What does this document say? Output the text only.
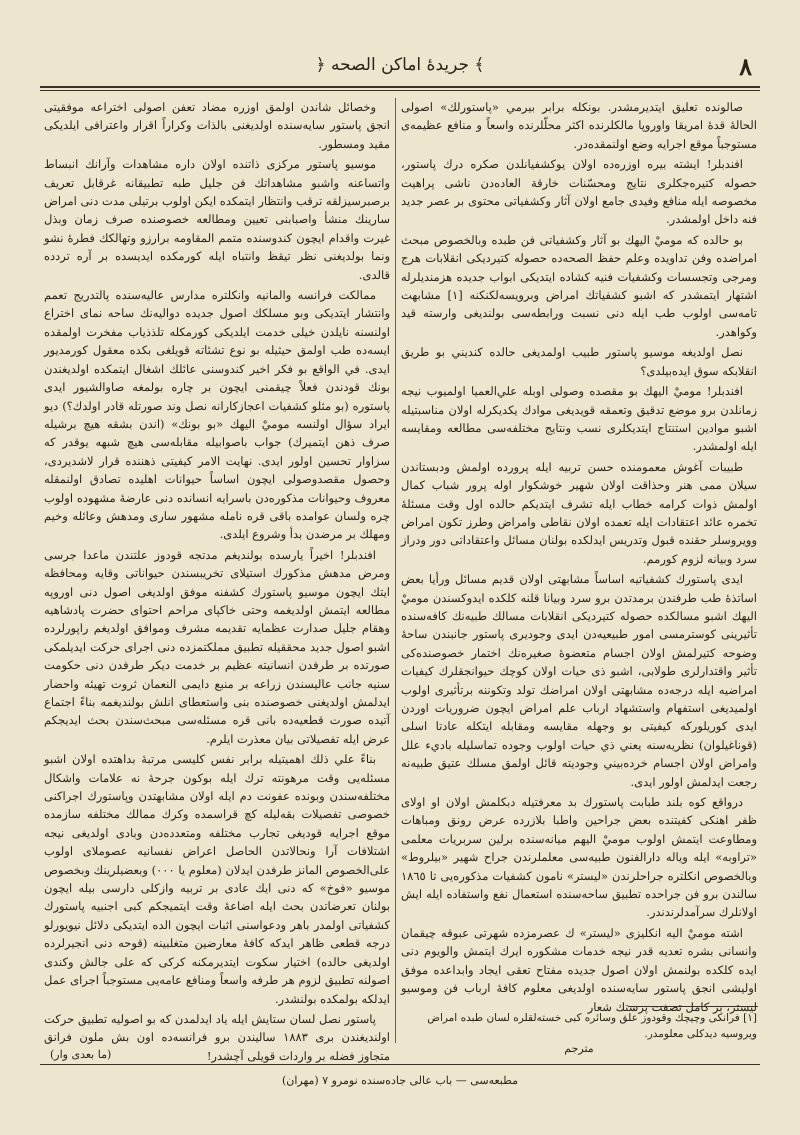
٨
﴿ جريدهٔ اماكن الصحه ﴾

صالونده تعليق ايتديرمشدر. بونكله برابر بيرمي «پاستورلك» اصولى الحالهٔ قدهٔ امريقا واوروپا مالكلرنده اكثر محلّلرنده واسعاً و منافع عظيمه‌ى مستوجباً موقع اجرايه وضع اولنمقده‌در.

افندبلر! ايشته بيره اوزره‌ده اولان يوكشفيانلدن صكره درك پاستور، حصوله كتيره‌جكلرى نتايج ومحسّنات خارقة العاده‌دن ناشى پراهيت مخصوصه ايله منافع وفيدى جامع اولان آثار وكشفياتى محتوى بر عصر جديد فنه داخل اولمشدر.

بو حالده كه موميْ اليهك بو آثار وكشفياتى فن طبده وبالخصوص مبحث امراضده وفن تداويده وعلم حفظ الصحه‌ده حصوله كتيرديكى انقلابات هرج ومرجى وتجسسات وكشفيات فنيه كشاده ايتديكى ابواب جديده هزمنديلرله اشتهار ايتمشدر كه اشبو كشفياتك امراض وبرويسه‌لكنكنه [١] مشابهت تامه‌سى اولوب طب ايله دنى نسبت ورابطه‌سى بولنديغى وارسته قيد وكواهدر.

نصل اولديغه موسيو پاستور طبيب اولمديغى حالده كنديني بو طريق انقلابكه سوق ايده‌بيلدى؟

افندبلر! موميْ اليهك بو مقصده وصولى اوبله علي‌العميا اولميوب نيجه زمانلدن برو موضع تدقيق وتعمقه قويديغى موادك يكديكرله اولان مناسبتيله اشبو موادين استنتاج ايتديكلرى نسب ونتايج مختلفه‌سى مطالعه ومقايسه ايله اولمشدر.

طبيبات آغوش معمومنده حسن تربيه ايله پرورده اولمش ودبستاندن سيلان ممى هنر وحذاقت اولان شهير خوشكوار اوله پرور شباب كمال اولمش ذوات كرامه خطاب ايله تشرف ايتديكم حالده اول وقت مسئلهٔ تخمره عائد اعتقادات ايله تعمده اولان نقاطى وامراض وطرز تكون امراض وويروسلر حقنده قبول وتدريس ايدلكده بولنان مسائل واعتقاداتى دور ودراز سرد وبيانه لزوم كورمم.

ايدى پاستورك كشفياتيه اساساً مشابهتى اولان قديم مسائل ورأيا بعض اساتذهٔ طب طرفندن برمدتدن برو سرد وبيانا قلنه كلكده ايدوكسندن موميْ اليهك اشبو مسالكده حصوله كتيرديكى انقلابات مسالك طبيه‌نك كافه‌سنده تأثيرينى كوسترمسى امور طبيعيه‌دن ايدى وجوديرى پاستور جانبندن ساحهٔ وضوحه كتيرلمش اولان اجسام متعضوهٔ صغيره‌نك اختمار خصوصنده‌كى تأثير واقتدارلرى طولابى، اشبو ذى حيات اولان كوچك حيوانجقلرك كيفيات امراضيه ايله درجه‌ده مشابهتى اولان امراضك تولد وتكوننه برتأثيرى اولوب اولميديغى استفهام واستشهاد ارباب علم امراض ايچون ضروريات اوردن ايدى كوريلوركه كيفيتى بو وجهله مقايسه ومقابله ايتكله عادتا اسلى (قوناغيلوان) نظريه‌سنه يعني ذي حيات اولوب وجوده تماسليله باديء علل وامراض اولان اجسام خرده‌بيني وجوديته قائل اولمق مسلك عتيق طبيه‌نه رجعت ايدلمش اولور ايدى.

درواقع كوه بلند طبابت پاستورك بد معرفتيله دبكلمش اولان او اولاى ظفر اهنكى كفيتنده بعض جراحين واطبا بلازرده عرض رونق ومباهات ومطاوعت ايتمش اولوب موميْ اليهم ميانه‌سنده برلين سربريات معلمى «تراوبه» ايله وياله دارالفنون طبيه‌سى معلملرندن جراح شهير «بيلروط» وبالخصوص انكلتره جراحلرندن «ليستر» نامون كشفيات مذكوره‌يى تا ١٨٦٥ سالندن برو فن جراحده تطبيق ساحه‌سنده استعمال نفع واستفاده ايله ايش اولانلرك سرآمدلرندندر.

اشته موميْ اليه انكليزى «ليستر» ك عصرمزده شهرتى عبوقه چيقمان وانسانى بشره تعديه قدر نيجه خدمات مشكوره ايرك ايتمش والويوم دنى ايده كلكده بولنمش اولان اصول جديده مفتاح تعقى ايجاد وابداعده موفق اوليشى انجق پاستور سايه‌سنده اولديغى معلوم كافهٔ ارباب فن وموسيو ليستر، بر كامل تصفت پرستك شعار

وخصائل شاندن اولمق اوزره مضاد تعفن اصولى اختراعه موفقيتى انجق پاستور سايه‌سنده اولديغنى بالذات وكراراً اقرار واعترافى ايلديكى مقيد ومسطور.

موسيو پاستور مركزى ذاتنده اولان داره مشاهدات وآرانك انبساط واتساعنه واشبو مشاهداتك فن جليل طبه تطبيقانه غرقابل تعريف برصبرسيزلقه ترقب وانتظار ايتمكده ايكن اولوب برتيلى مدت دنى امراض سارينك منشأ واصبابنى تعيين ومطالعه خصوصنده صرف زمان وبذل غيرت واقدام ايچون كندوسنده متمم المقاومه برارزو وتهالكك فطرهٔ نشو ونما بولديغنى نظر تيقظ وانتباه ايله كورمكده ايديسده بر آره تردده قالدى.

ممالكت فرانسه والمانيه وانكلتره مدارس عاليه‌سنده پالتدريج تعمم وانتشار ايتديكى وبو مسلكك اصول جديده دواليه‌نك ساحه نماى اختراع اولنسنه نايلدن خيلى خدمت ايلديكى كورمكله تلذذياب مفخرت اولمقده ايسه‌ده طب اولمق حيثيله بو نوع تشئاته قويلغى بكده معقول كورمديور ايدى. في الواقع بو فكر اخير كندوسنى عائلك اشغال ايتمكده اولديغندن بونك قودندن فعلاً چيقمنى ايچون بر چاره بولمغه صاوالشيور ايدى پاستوره (بو مثلو كشفيات اعجازكارانه نصل وند صورتله قادر اولدك؟) ديو ايراد سؤال اولنسه موميْ اليهك «بو بونك» (اندن بشقه هيچ برشيله صرف ذهن ايتميرك) جواب باصوابيله مقابله‌سى هيچ شبهه يوقدر كه سزاوار تحسين اولور ايدى. نهايت الامر كيفيتى ذهننده قرار لاشديردى، وحصول مقصدوصولى ايچون اساساً حيوانات اهليده تصادق اولنمقله معروف وحيوانات مذكوره‌دن باسرايه انسانده دنى عارضهٔ مشهوده اولوب چره ولسان عوامده باقى قره نامله مشهور سارى ومدهش وعائله وخيم ومهلك بر مرضدن بدأ وشروع ايلدى.

افندبلر! اخيراً يارسده بولنديغم مدتجه قودوز علتندن ماعدا جرسى ومرض مدهش مذكورك استيلاى تخريبسندن حيواناتى وقايه ومحافظه ايتك ايچون موسيو پاستورك كشفنه موفق اولديغى اصول دنى اوروپه مطالعه ايتمش اولديغمه وحتى خاكپاى مراحم احتواى حضرت پادشاهيه وهقام جليل صدارت عظمايه تقديمه مشرف وموافق اولديغم راپورلرده اشبو اصول جديد محققيله تطبيق مملكتمزده دنى اجراى حركت ايديلمكى صورتده بر طرفدن انسانيته عظيم بر خدمت ديكر طرفدن دنى حكومت سنيه جانب عاليسندن زراعه بر منبع دايمى النعمان ثروت تهيئه واحضار ايدلمش اولديغنى خصوصنده بنى واستعطاى انلش بولنديغمه بناءً اجتماع آتيده صورت قطعيه‌ده بانى قره مسئله‌سى مبحث‌سندن بحث ايديجكم عرض ايله تفصيلاتى بيان معذرت ايلرم.

بناءً علي ذلك اهميتيله برابر نفس كليسى مرتبهٔ بداهتده اولان اشبو مسئله‌يى وقت مرهونته ترك ايله بوكون جرحهٔ نه علامات واشكال مختلفه‌سندن وبونده عفونت دم ايله اولان مشابهتدن وپاستورك اجراكنى خصوصى تفصيلات بقه‌ليله كچ قراسمده وكرك ممالك مختلفه سازمده موقع اجرايه قوديغى تجارب مختلفه ومتعدده‌دن وبادى اولديغى نيجه اشتلافات آرا ونحالاتدن الحاصل اعراض نفسانيه عصوملاى اولوب على‌الخصوص المانز طرفدن ايدلان (معلوم يا ٠٠٠) وبعضيلرينك وبخصوص موسيو «فوخ» كه دنى ايك عادى بر تربيه وازكلى دارسى بيله ايچون بولنان تعرضاتدن بحث ايله اضاعهٔ وقت ايتميجكم كبى اجنبيه پاستورك كشفياتى اولمدر باهر ودعواسنى اثبات ايچون الده ايتديكى دلائل نيويورلو درجه قطعى ظاهر ايدكه كافهٔ معارضين متغلبينه (قوحه دنى انجيرلرده اولديغى حالده) اختيار سكوت ايتديرمكنه كركى كه على جالش وكندى اصولنه تطبيق لزوم هر طرفه واسعاً ومنافع عامه‌يى مستوجباً اجراى عمل ايدلكه بولمكده بولنشدر.

پاستور نصل لسان ستايش ايله ياد ايدلمدن كه بو اصوليه تطبيق حركت اولنديغندن برى ١٨٨٣ ساليندن برو فرانسه‌ده اون بش ملون فرانق متجاوز فضله بر واردات قويلى آچشدر!

[١] فرانكى وچيچك وقودوز علق وسائره كبى خسته‌لقلره لسان طبده امراض ويروسيه ديدكلى معلومدر.
مترجم
(ما بعدى وار)
(مهران) مطبعه‌سى — باب عالى جاده‌سنده نومرو ٧
